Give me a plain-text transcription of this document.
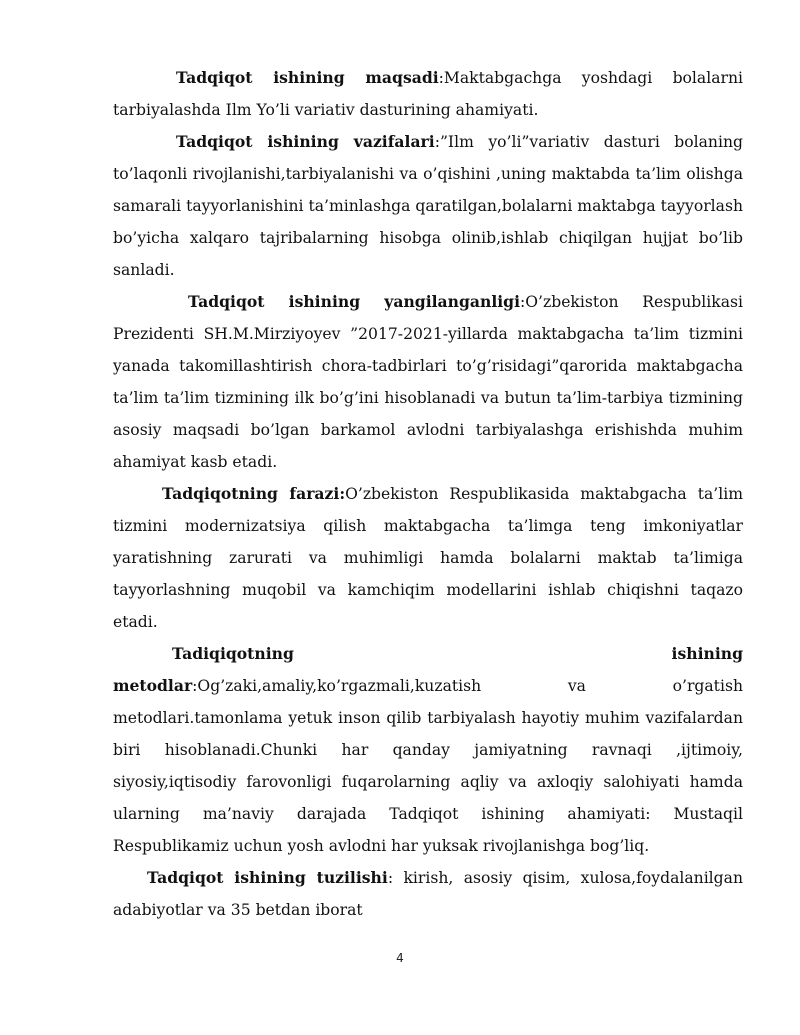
Tadqiqot ishining maqsadi:Maktabgachga yoshdagi bolalarni tarbiyalashda Ilm Yo’li variativ dasturining ahamiyati.

Tadqiqot ishining vazifalari:”Ilm yo’li”variativ dasturi bolaning to’laqonli rivojlanishi,tarbiyalanishi va o’qishini ,uning maktabda ta’lim olishga samarali tayyorlanishini ta’minlashga qaratilgan,bolalarni maktabga tayyorlash bo’yicha xalqaro tajribalarning hisobga olinib,ishlab chiqilgan hujjat bo’lib sanladi.

Tadqiqot ishining yangilanganligi:O’zbekiston Respublikasi Prezidenti SH.M.Mirziyoyev ”2017-2021-yillarda maktabgacha ta’lim tizmini yanada takomillashtirish chora-tadbirlari to’g’risidagi”qarorida maktabgacha ta’lim ta’lim tizmining ilk bo’g’ini hisoblanadi va butun ta’lim-tarbiya tizmining asosiy maqsadi bo’lgan barkamol avlodni tarbiyalashga erishishda muhim ahamiyat kasb etadi.

Tadqiqotning farazi:O’zbekiston Respublikasida maktabgacha ta’lim tizmini modernizatsiya qilish maktabgacha ta’limga teng imkoniyatlar yaratishning zarurati va muhimligi hamda bolalarni maktab ta’limiga tayyorlashning muqobil va kamchiqim modellarini ishlab chiqishni taqazo etadi.

Tadiqiqotning ishining metodlar:Og’zaki,amaliy,ko’rgazmali,kuzatish va o’rgatish metodlari.tamonlama yetuk inson qilib tarbiyalash hayotiy muhim vazifalardan biri hisoblanadi.Chunki har qanday jamiyatning ravnaqi ,ijtimoiy, siyosiy,iqtisodiy farovonligi fuqarolarning aqliy va axloqiy salohiyati hamda ularning ma’naviy darajada Tadqiqot ishining ahamiyati: Mustaqil Respublikamiz uchun yosh avlodni har yuksak rivojlanishga bog’liq.

Tadqiqot ishining tuzilishi: kirish, asosiy qisim, xulosa,foydalanilgan adabiyotlar va 35 betdan iborat

4
